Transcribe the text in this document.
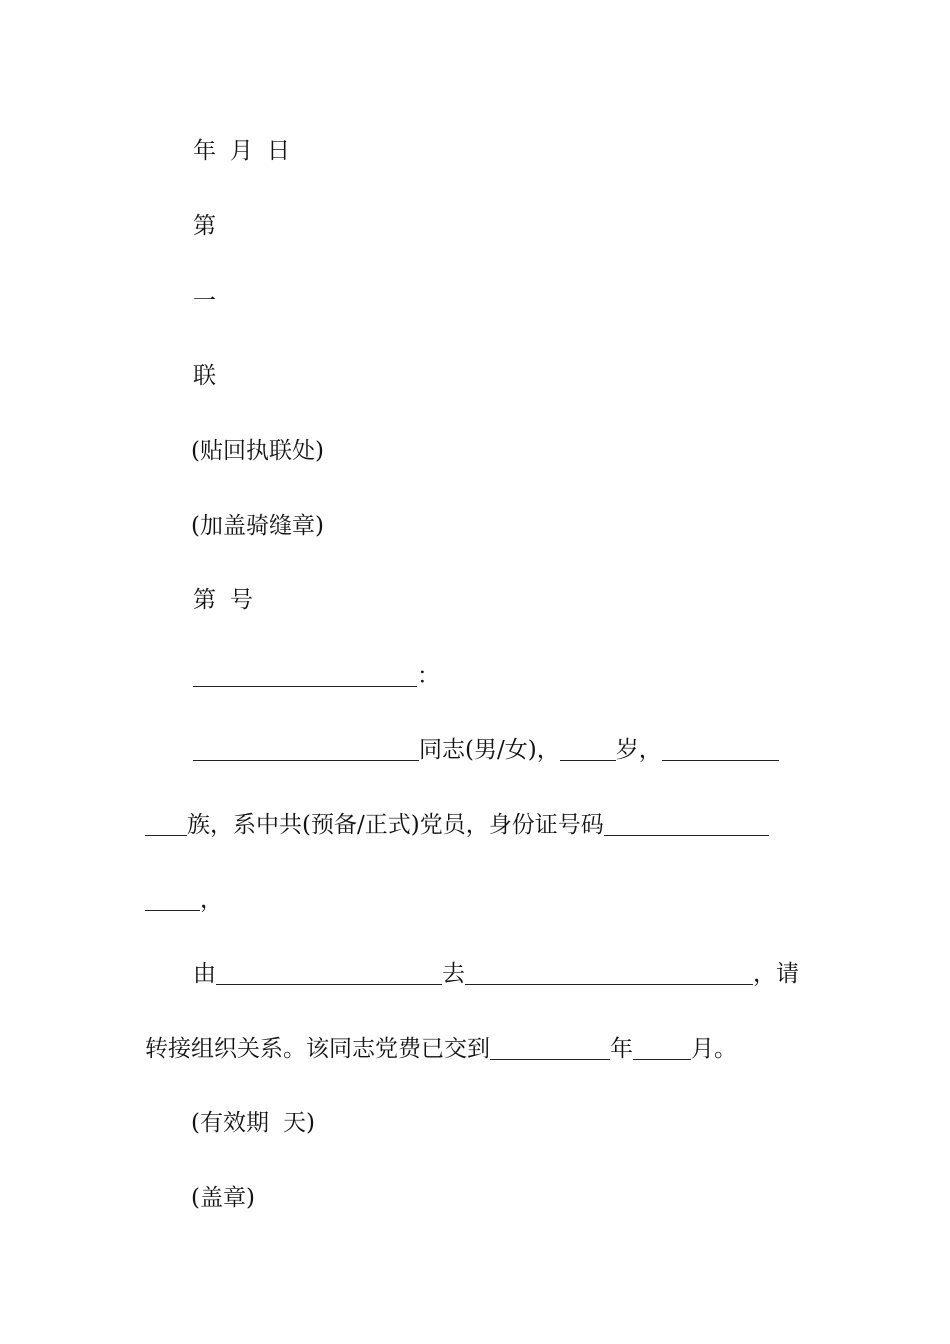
年 月 日
第
一
联
(贴回执联处)
(加盖骑缝章)
第 号
：
同志(男/女)， 岁，
族，系中共(预备/正式)党员，身份证号码
，
由	去	，请
转接组织关系。该同志党费已交到	年	月。
(有效期 天)
(盖章)
